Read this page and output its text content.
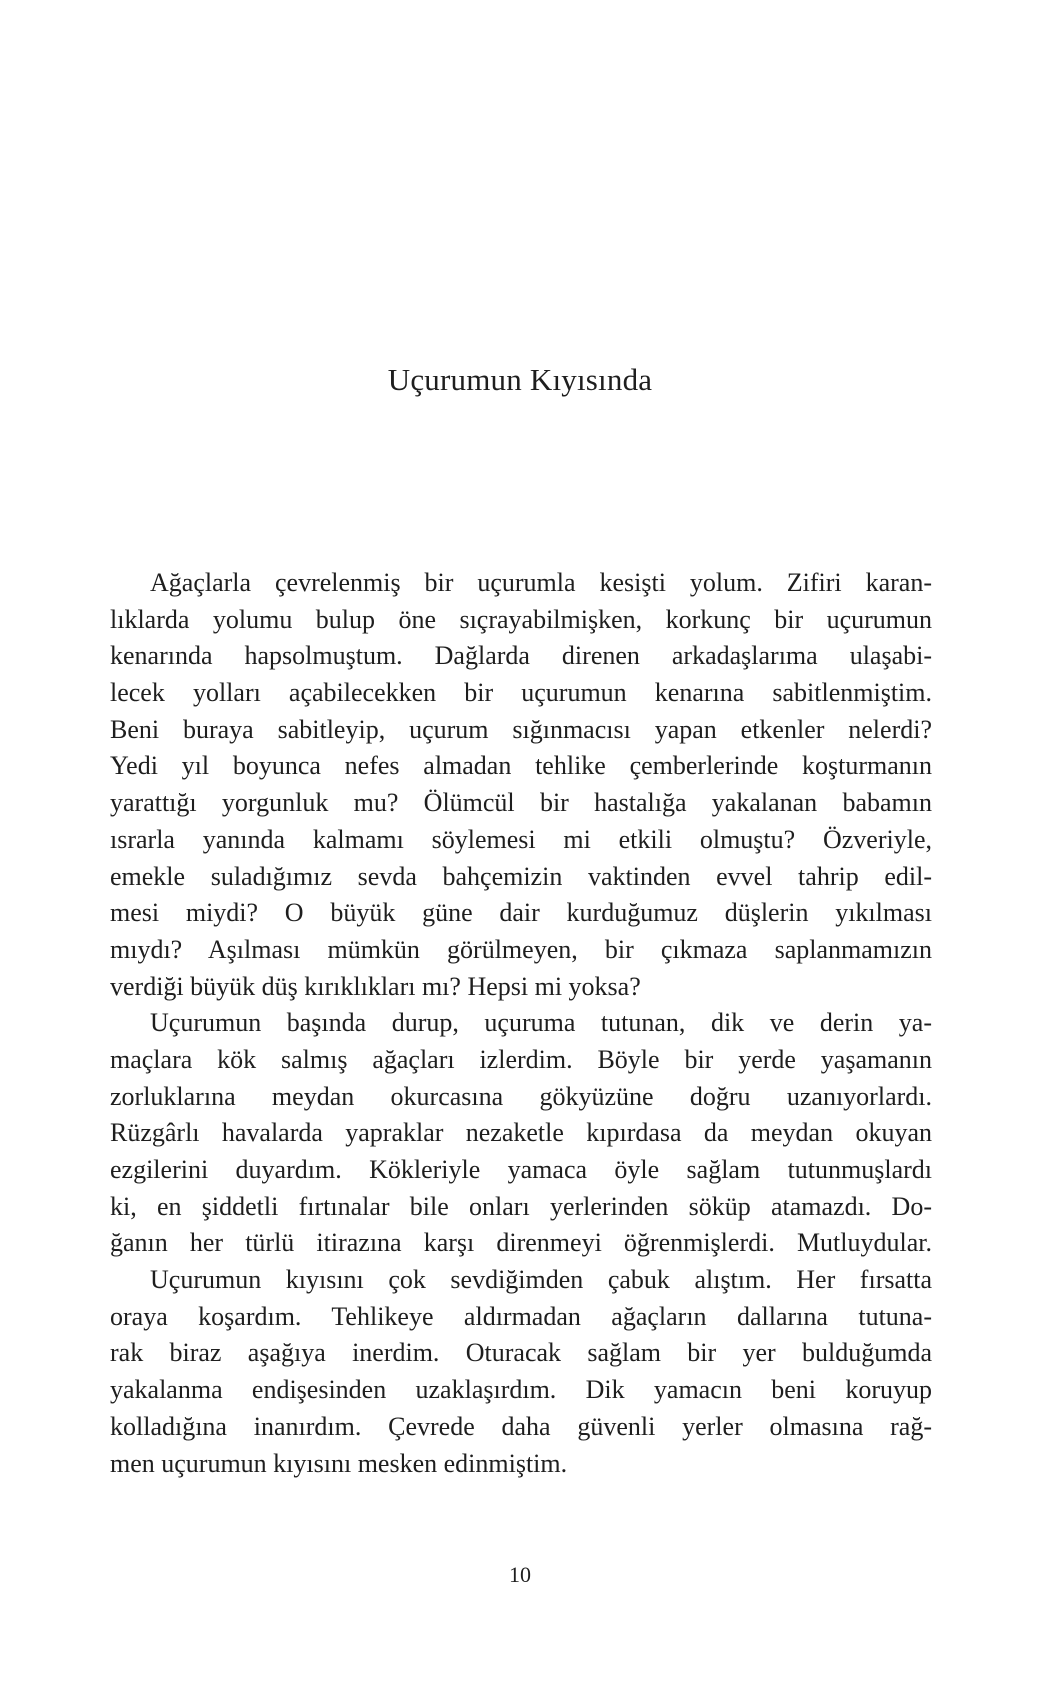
Uçurumun Kıyısında
Ağaçlarla çevrelenmiş bir uçurumla kesişti yolum. Zifiri karan-
lıklarda yolumu bulup öne sıçrayabilmişken, korkunç bir uçurumun
kenarında hapsolmuştum. Dağlarda direnen arkadaşlarıma ulaşabi-
lecek yolları açabilecekken bir uçurumun kenarına sabitlenmiştim.
Beni buraya sabitleyip, uçurum sığınmacısı yapan etkenler nelerdi?
Yedi yıl boyunca nefes almadan tehlike çemberlerinde koşturmanın
yarattığı yorgunluk mu? Ölümcül bir hastalığa yakalanan babamın
ısrarla yanında kalmamı söylemesi mi etkili olmuştu? Özveriyle,
emekle suladığımız sevda bahçemizin vaktinden evvel tahrip edil-
mesi miydi? O büyük güne dair kurduğumuz düşlerin yıkılması
mıydı? Aşılması mümkün görülmeyen, bir çıkmaza saplanmamızın
verdiği büyük düş kırıklıkları mı? Hepsi mi yoksa?
Uçurumun başında durup, uçuruma tutunan, dik ve derin ya-
maçlara kök salmış ağaçları izlerdim. Böyle bir yerde yaşamanın
zorluklarına meydan okurcasına gökyüzüne doğru uzanıyorlardı.
Rüzgârlı havalarda yapraklar nezaketle kıpırdasa da meydan okuyan
ezgilerini duyardım. Kökleriyle yamaca öyle sağlam tutunmuşlardı
ki, en şiddetli fırtınalar bile onları yerlerinden söküp atamazdı. Do-
ğanın her türlü itirazına karşı direnmeyi öğrenmişlerdi. Mutluydular.
Uçurumun kıyısını çok sevdiğimden çabuk alıştım. Her fırsatta
oraya koşardım. Tehlikeye aldırmadan ağaçların dallarına tutuna-
rak biraz aşağıya inerdim. Oturacak sağlam bir yer bulduğumda
yakalanma endişesinden uzaklaşırdım. Dik yamacın beni koruyup
kolladığına inanırdım. Çevrede daha güvenli yerler olmasına rağ-
men uçurumun kıyısını mesken edinmiştim.
10
